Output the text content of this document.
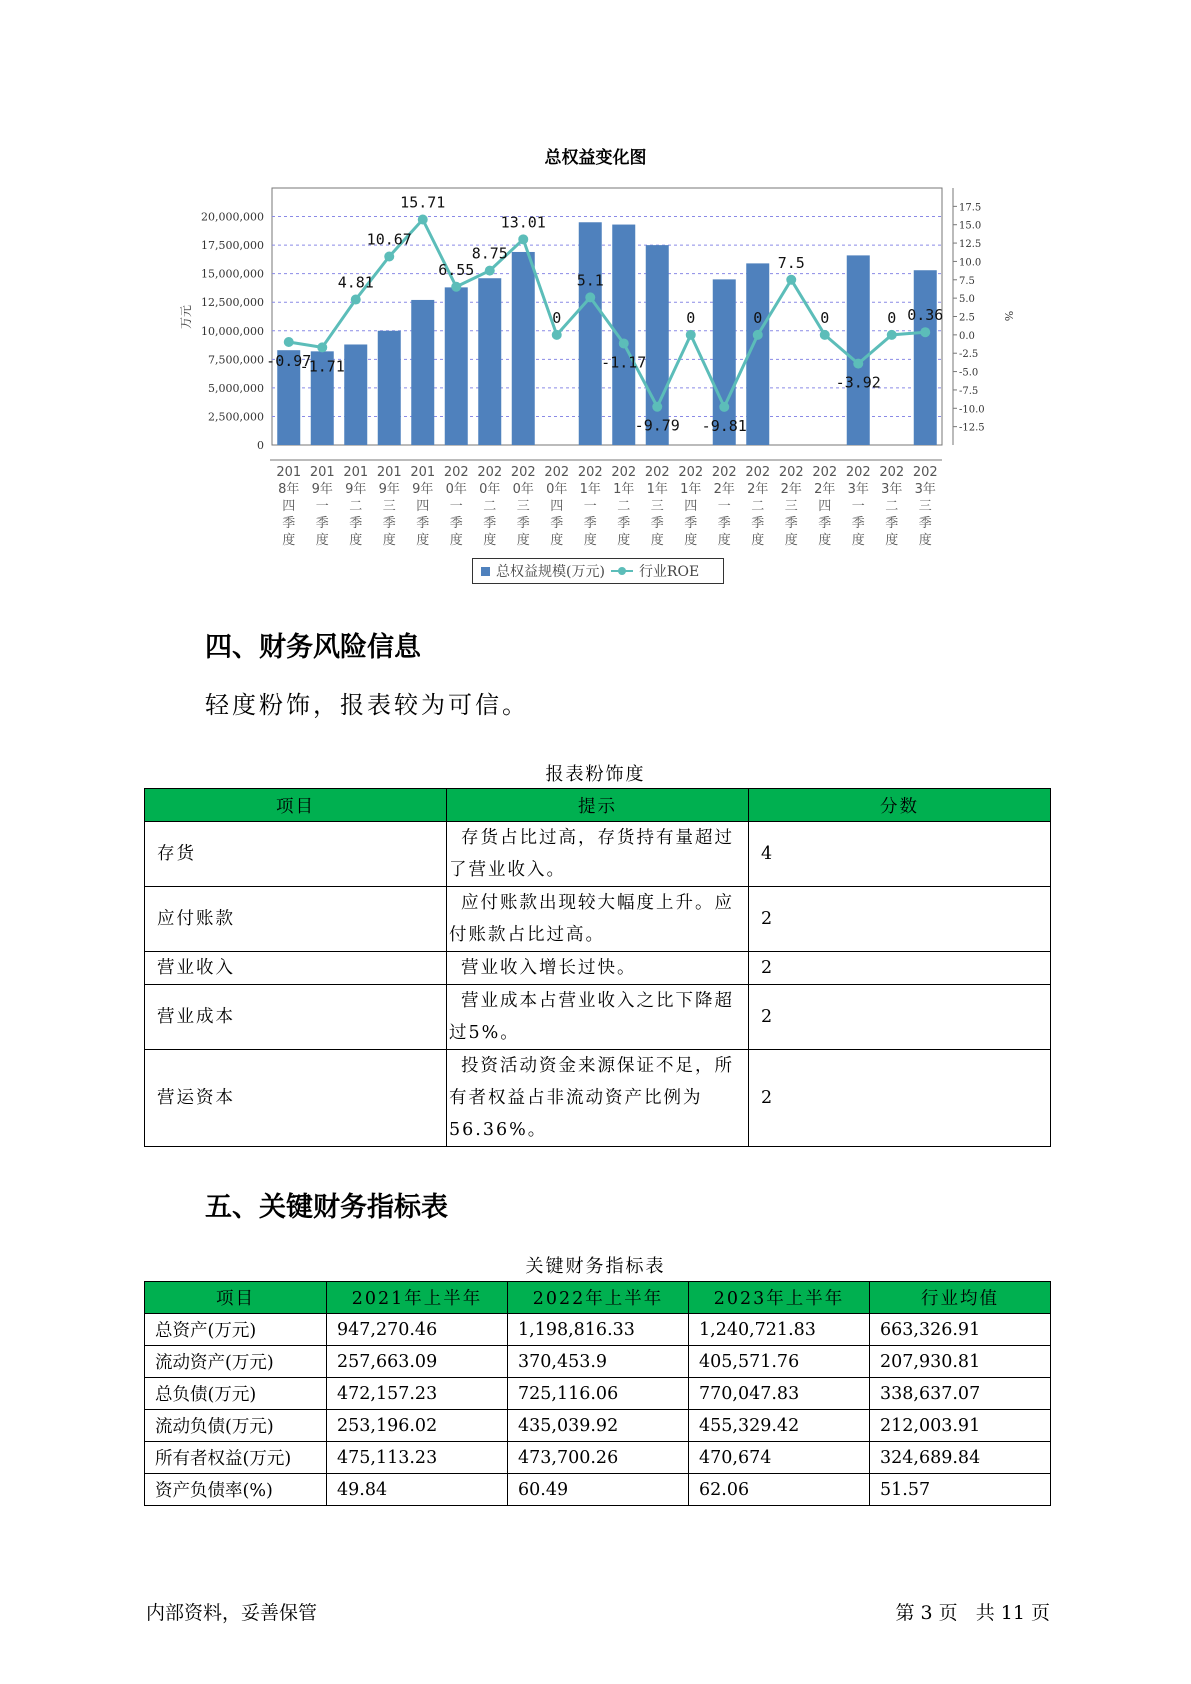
总权益变化图
0
2,500,000
5,000,000
7,500,000
10,000,000
12,500,000
15,000,000
17,500,000
20,000,000
-12.5
-10.0
-7.5
-5.0
-2.5
0.0
2.5
5.0
7.5
10.0
12.5
15.0
17.5
万元	%
201 8年四季度
201 9年一季度
201 9年二季度
201 9年三季度
201 9年四季度
202 0年一季度
202 0年二季度
202 0年三季度
202 0年四季度
202 1年一季度
202 1年二季度
202 1年三季度
202 1年四季度
202 2年一季度
202 2年二季度
202 2年三季度
202 2年四季度
202 3年一季度
202 3年二季度
202 3年三季度
-0.97
-1.71
4.81
10.67
15.71
6.55
8.75
13.01
0
5.1
-1.17
-9.79
0
-9.81
0
7.5
0
-3.92
0 0.36
总权益规模(万元) 行业ROE
四、财务风险信息
轻度粉饰，报表较为可信。
报表粉饰度
项目	提示	分数
存货	存货占比过高，存货持有量超过了营业收入。	4
应付账款	应付账款出现较大幅度上升。应付账款占比过高。	2
营业收入	营业收入增长过快。	2
营业成本	营业成本占营业收入之比下降超过5%。	2
营运资本	投资活动资金来源保证不足，所有者权益占非流动资产比例为56.36%。	2
五、关键财务指标表
关键财务指标表
项目	2021年上半年	2022年上半年	2023年上半年	行业均值
总资产(万元)	947,270.46	1,198,816.33	1,240,721.83	663,326.91
流动资产(万元)	257,663.09	370,453.9	405,571.76	207,930.81
总负债(万元)	472,157.23	725,116.06	770,047.83	338,637.07
流动负债(万元)	253,196.02	435,039.92	455,329.42	212,003.91
所有者权益(万元)	475,113.23	473,700.26	470,674	324,689.84
资产负债率(%)	49.84	60.49	62.06	51.57
内部资料，妥善保管	第 3 页   共 11 页
